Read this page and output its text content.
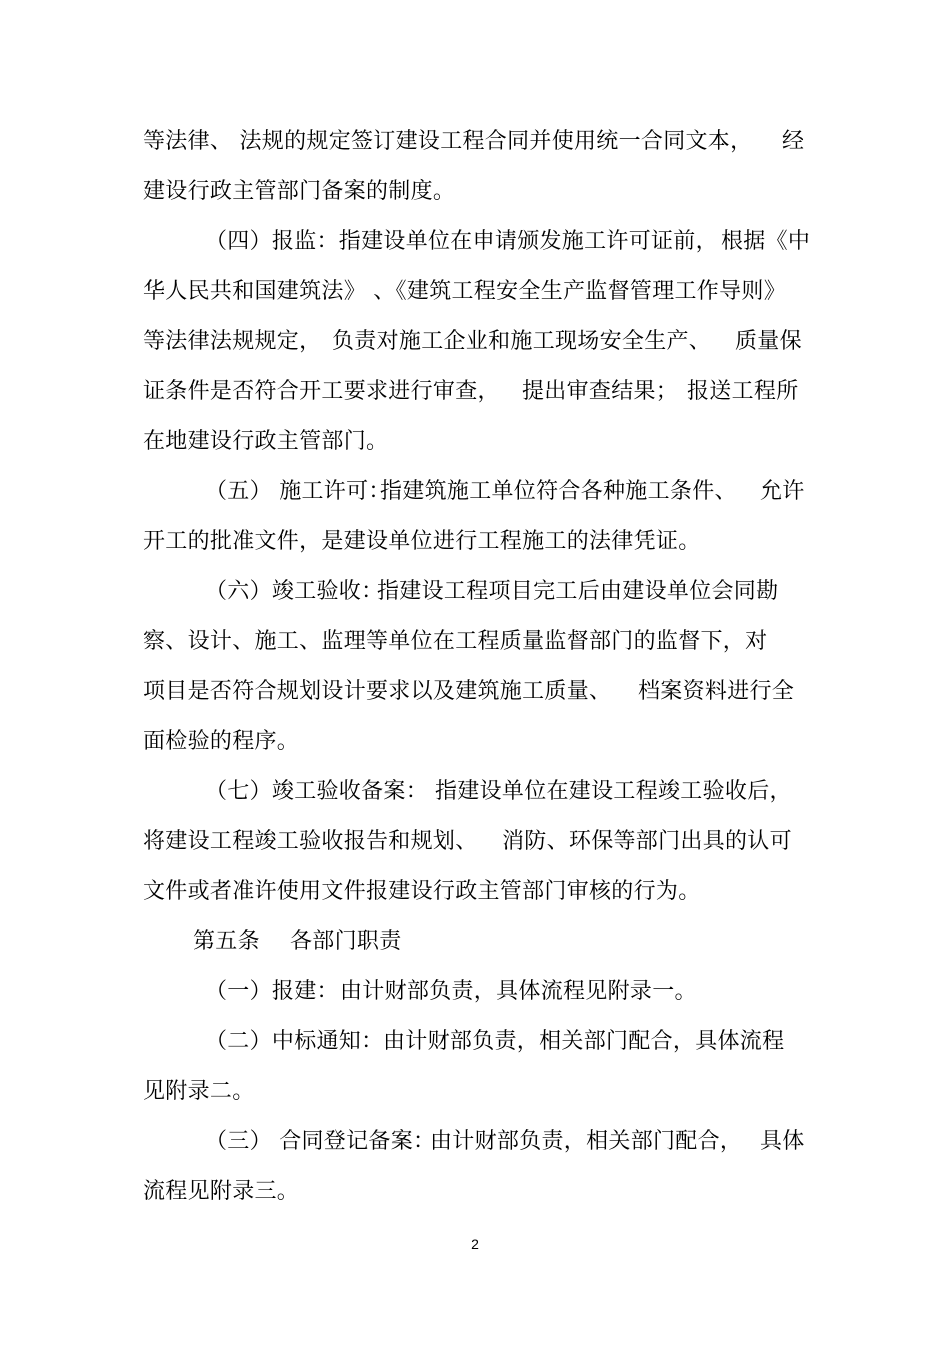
等法律、 法规的规定签订建设工程合同并使用统一合同文本， 经
建设行政主管部门备案的制度。
（四）报监：指建设单位在申请颁发施工许可证前， 根据《中
华人民共和国建筑法》 、《建筑工程安全生产监督管理工作导则》
等法律法规规定， 负责对施工企业和施工现场安全生产、 质量保
证条件是否符合开工要求进行审查， 提出审查结果； 报送工程所
在地建设行政主管部门。
（五） 施工许可：
指建筑施工单位符合各种施工条件、 允许
开工的批准文件，是建设单位进行工程施工的法律凭证。
（六）竣工验收：
指建设工程项目完工后由建设单位会同勘
察、设计、施工、监理等单位在工程质量监督部门的监督下，对
项目是否符合规划设计要求以及建筑施工质量、 档案资料进行全
面检验的程序。
（七）竣工验收备案： 指建设单位在建设工程竣工验收后，
将建设工程竣工验收报告和规划、 消防、环保等部门出具的认可
文件或者准许使用文件报建设行政主管部门审核的行为。
第五条 各部门职责
（一）报建： 由计财部负责，具体流程见附录一。
（二）中标通知： 由计财部负责，相关部门配合，具体流程
见附录二。
（三） 合同登记备案：
由计财部负责，相关部门配合， 具体
流程见附录三。
2
